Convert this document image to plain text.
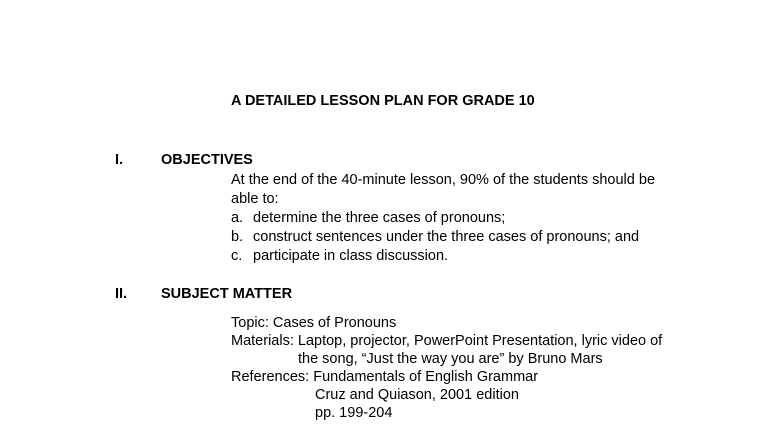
A DETAILED LESSON PLAN FOR GRADE 10
I.	OBJECTIVES
At the end of the 40-minute lesson, 90% of the students should be
able to:
a. determine the three cases of pronouns;
b. construct sentences under the three cases of pronouns; and
c. participate in class discussion.
II. SUBJECT MATTER
Topic: Cases of Pronouns
Materials: Laptop, projector, PowerPoint Presentation, lyric video of
the song, “Just the way you are” by Bruno Mars
References: Fundamentals of English Grammar
Cruz and Quiason, 2001 edition
pp. 199-204
